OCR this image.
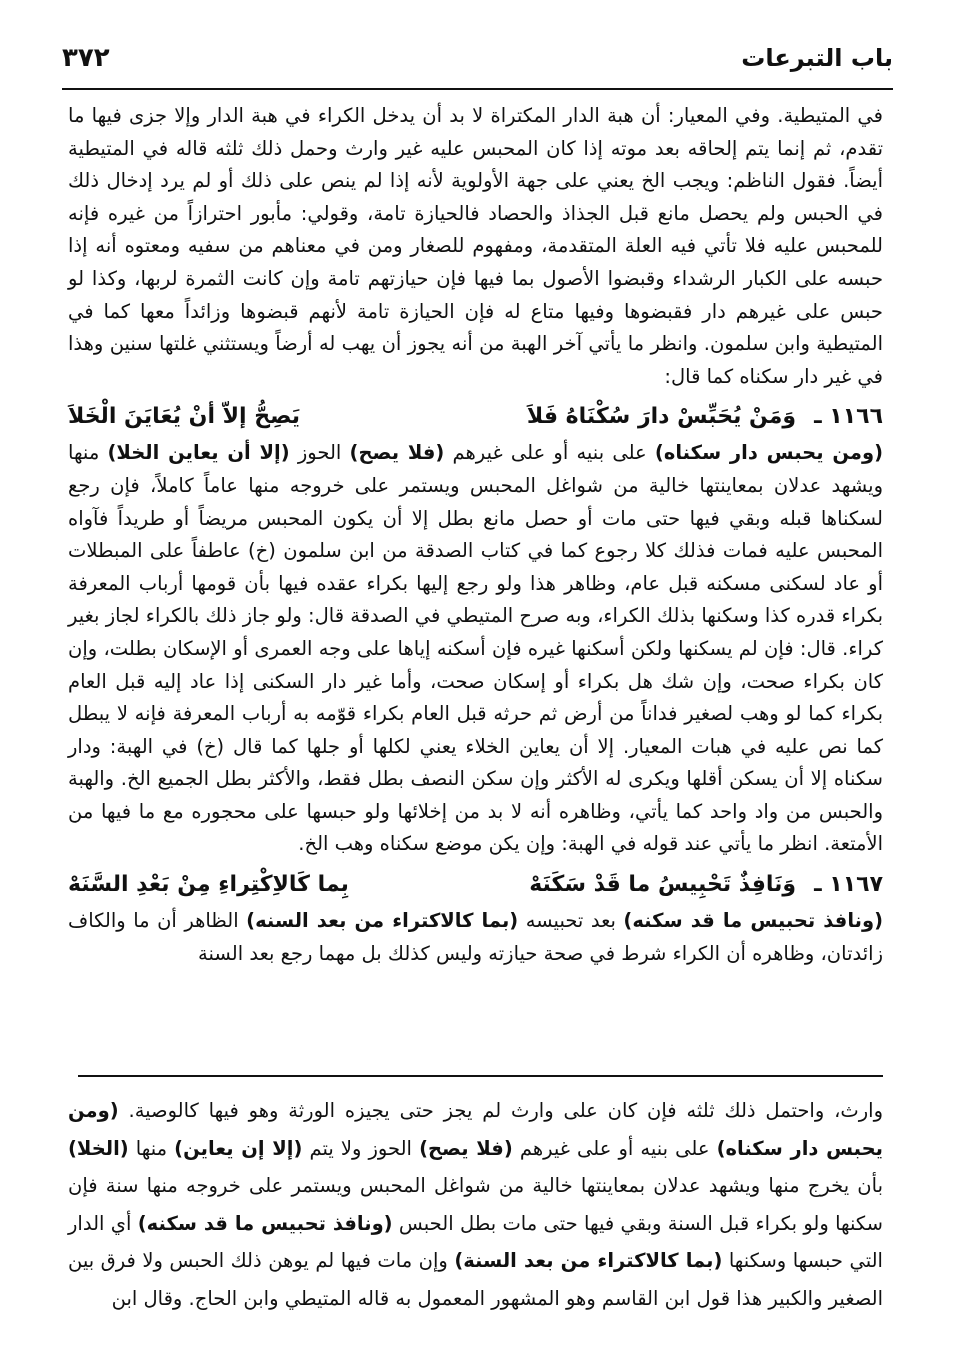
باب التبرعات
٣٧٢

في المتيطية. وفي المعيار: أن هبة الدار المكتراة لا بد أن يدخل الكراء في هبة الدار وإلا جزى فيها ما تقدم، ثم إنما يتم إلحاقه بعد موته إذا كان المحبس عليه غير وارث وحمل ذلك ثلثه قاله في المتيطية أيضاً. فقول الناظم: ويجب الخ يعني على جهة الأولوية لأنه إذا لم ينص على ذلك أو لم يرد إدخال ذلك في الحبس ولم يحصل مانع قبل الجذاذ والحصاد فالحيازة تامة، وقولي: مأبور احترازاً من غيره فإنه للمحبس عليه فلا تأتي فيه العلة المتقدمة، ومفهوم للصغار ومن في معناهم من سفيه ومعتوه أنه إذا حبسه على الكبار الرشداء وقبضوا الأصول بما فيها فإن حيازتهم تامة وإن كانت الثمرة لربها، وكذا لو حبس على غيرهم دار فقبضوها وفيها متاع له فإن الحيازة تامة لأنهم قبضوها وزائداً معها كما في المتيطية وابن سلمون. وانظر ما يأتي آخر الهبة من أنه يجوز أن يهب له أرضاً ويستثني غلتها سنين وهذا في غير دار سكناه كما قال:

١١٦٦ ـ
وَمَنْ يُحَبِّسْ دارَ سُكْنَاهُ فَلاَ
يَصِحُّ إلاّ أنْ يُعَايَنَ الْخَلاَ

(ومن يحبس دار سكناه) على بنيه أو على غيرهم (فلا يصح) الحوز (إلا أن يعاين الخلا) منها ويشهد عدلان بمعاينتها خالية من شواغل المحبس ويستمر على خروجه منها عاماً كاملاً، فإن رجع لسكناها قبله وبقي فيها حتى مات أو حصل مانع بطل إلا أن يكون المحبس مريضاً أو طريداً فآواه المحبس عليه فمات فذلك كلا رجوع كما في كتاب الصدقة من ابن سلمون (خ) عاطفاً على المبطلات أو عاد لسكنى مسكنه قبل عام، وظاهر هذا ولو رجع إليها بكراء عقده فيها بأن قومها أرباب المعرفة بكراء قدره كذا وسكنها بذلك الكراء، وبه صرح المتيطي في الصدقة قال: ولو جاز ذلك بالكراء لجاز بغير كراء. قال: فإن لم يسكنها ولكن أسكنها غيره فإن أسكنه إياها على وجه العمرى أو الإسكان بطلت، وإن كان بكراء صحت، وإن شك هل بكراء أو إسكان صحت، وأما غير دار السكنى إذا عاد إليه قبل العام بكراء كما لو وهب لصغير فداناً من أرض ثم حرثه قبل العام بكراء قوّمه به أرباب المعرفة فإنه لا يبطل كما نص عليه في هبات المعيار. إلا أن يعاين الخلاء يعني لكلها أو جلها كما قال (خ) في الهبة: ودار سكناه إلا أن يسكن أقلها ويكرى له الأكثر وإن سكن النصف بطل فقط، والأكثر بطل الجميع الخ. والهبة والحبس من واد واحد كما يأتي، وظاهره أنه لا بد من إخلائها ولو حبسها على محجوره مع ما فيها من الأمتعة. انظر ما يأتي عند قوله في الهبة: وإن يكن موضع سكناه وهب الخ.

١١٦٧ ـ
وَنَافِذٌ تَحْبِيسُ ما قَدْ سَكَنَهْ
بِما كَالاِكْتِراءِ مِنْ بَعْدِ السَّنَهْ

(ونافذ تحبيس ما قد سكنه) بعد تحبيسه (بما كالاكتراء من بعد السنه) الظاهر أن ما والكاف زائدتان، وظاهره أن الكراء شرط في صحة حيازته وليس كذلك بل مهما رجع بعد السنة

وارث، واحتمل ذلك ثلثه فإن كان على وارث لم يجز حتى يجيزه الورثة وهو فيها كالوصية. (ومن يحبس دار سكناه) على بنيه أو على غيرهم (فلا يصح) الحوز ولا يتم (إلا إن يعاين) منها (الخلا) بأن يخرج منها ويشهد عدلان بمعاينتها خالية من شواغل المحبس ويستمر على خروجه منها سنة فإن سكنها ولو بكراء قبل السنة وبقي فيها حتى مات بطل الحبس (ونافذ تحبيس ما قد سكنه) أي الدار التي حبسها وسكنها (بما كالاكتراء من بعد السنة) وإن مات فيها لم يوهن ذلك الحبس ولا فرق بين الصغير والكبير هذا قول ابن القاسم وهو المشهور المعمول به قاله المتيطي وابن الحاج. وقال ابن
